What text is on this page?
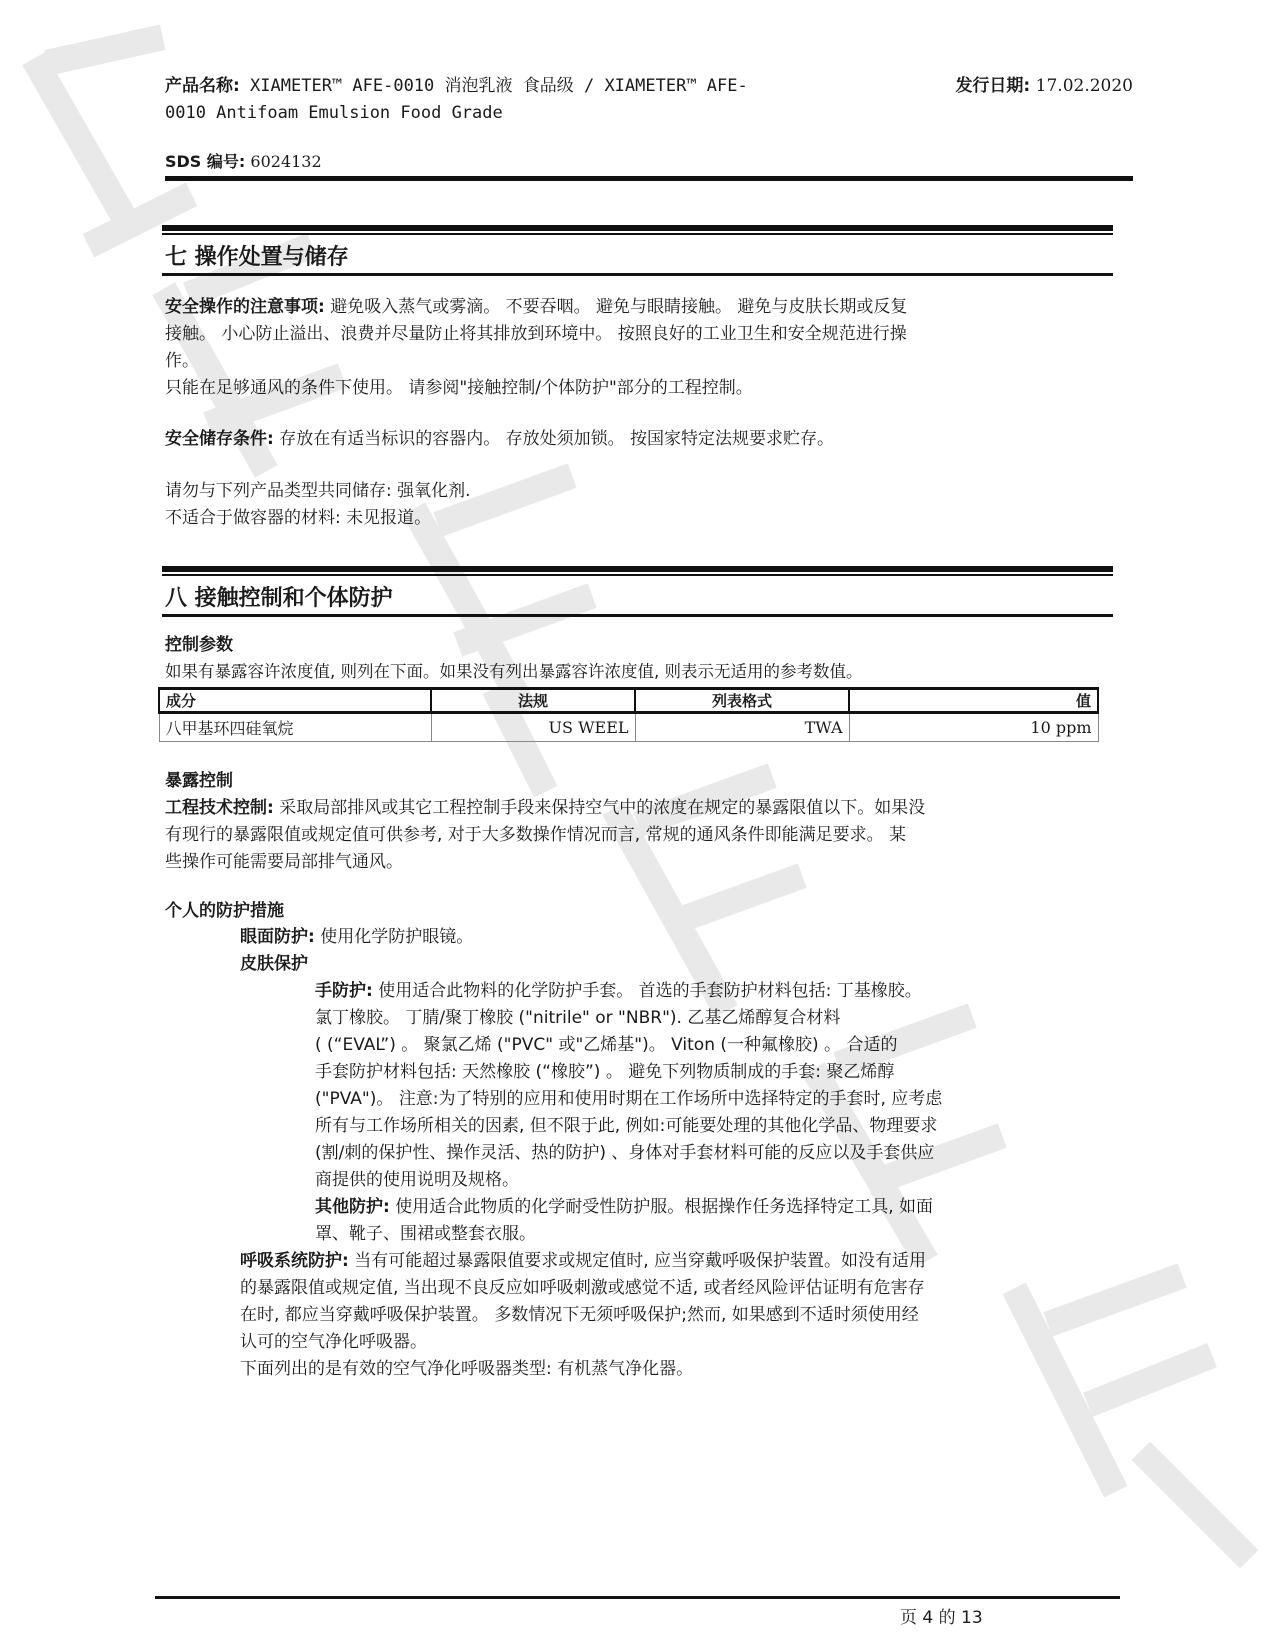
产品名称: XIAMETER™ AFE-0010 消泡乳液 食品级 / XIAMETER™ AFE-
0010 Antifoam Emulsion Food Grade
发行日期: 17.02.2020
SDS 编号: 6024132
七 操作处置与储存
安全操作的注意事项: 避免吸入蒸气或雾滴。 不要吞咽。 避免与眼睛接触。 避免与皮肤长期或反复
接触。 小心防止溢出、浪费并尽量防止将其排放到环境中。 按照良好的工业卫生和安全规范进行操
作。
只能在足够通风的条件下使用。 请参阅"接触控制/个体防护"部分的工程控制。
安全储存条件: 存放在有适当标识的容器内。 存放处须加锁。 按国家特定法规要求贮存。
请勿与下列产品类型共同储存: 强氧化剂.
不适合于做容器的材料: 未见报道。
八 接触控制和个体防护
控制参数
如果有暴露容许浓度值, 则列在下面。如果没有列出暴露容许浓度值, 则表示无适用的参考数值。
成分	法规	列表格式	值
八甲基环四硅氧烷	US WEEL	TWA	10 ppm
暴露控制
工程技术控制: 采取局部排风或其它工程控制手段来保持空气中的浓度在规定的暴露限值以下。如果没
有现行的暴露限值或规定值可供参考, 对于大多数操作情况而言, 常规的通风条件即能满足要求。 某
些操作可能需要局部排气通风。
个人的防护措施
眼面防护: 使用化学防护眼镜。
皮肤保护
手防护: 使用适合此物料的化学防护手套。 首选的手套防护材料包括: 丁基橡胶。
氯丁橡胶。 丁腈/聚丁橡胶 ("nitrile" or "NBR"). 乙基乙烯醇复合材料
( (“EVAL”) 。 聚氯乙烯 ("PVC" 或"乙烯基")。 Viton (一种氟橡胶) 。 合适的
手套防护材料包括: 天然橡胶 (“橡胶”) 。 避免下列物质制成的手套: 聚乙烯醇
("PVA")。 注意:为了特别的应用和使用时期在工作场所中选择特定的手套时, 应考虑
所有与工作场所相关的因素, 但不限于此, 例如:可能要处理的其他化学品、物理要求
(割/刺的保护性、操作灵活、热的防护) 、身体对手套材料可能的反应以及手套供应
商提供的使用说明及规格。
其他防护: 使用适合此物质的化学耐受性防护服。根据操作任务选择特定工具, 如面
罩、靴子、围裙或整套衣服。
呼吸系统防护: 当有可能超过暴露限值要求或规定值时, 应当穿戴呼吸保护装置。如没有适用
的暴露限值或规定值, 当出现不良反应如呼吸刺激或感觉不适, 或者经风险评估证明有危害存
在时, 都应当穿戴呼吸保护装置。 多数情况下无须呼吸保护;然而, 如果感到不适时须使用经
认可的空气净化呼吸器。
下面列出的是有效的空气净化呼吸器类型: 有机蒸气净化器。
页 4 的 13
